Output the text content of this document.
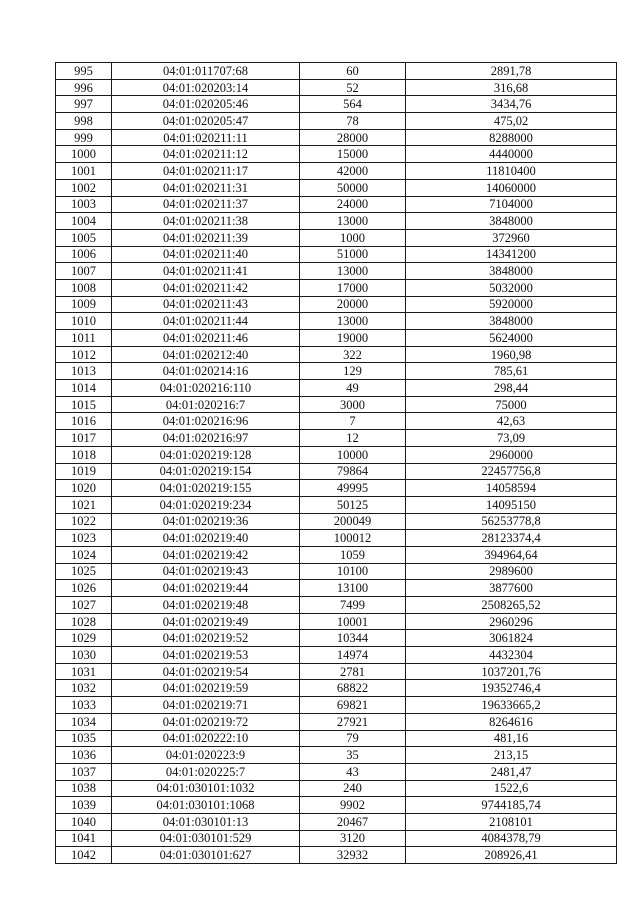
995	04:01:011707:68	60	2891,78
996	04:01:020203:14	52	316,68
997	04:01:020205:46	564	3434,76
998	04:01:020205:47	78	475,02
999	04:01:020211:11	28000	8288000
1000	04:01:020211:12	15000	4440000
1001	04:01:020211:17	42000	11810400
1002	04:01:020211:31	50000	14060000
1003	04:01:020211:37	24000	7104000
1004	04:01:020211:38	13000	3848000
1005	04:01:020211:39	1000	372960
1006	04:01:020211:40	51000	14341200
1007	04:01:020211:41	13000	3848000
1008	04:01:020211:42	17000	5032000
1009	04:01:020211:43	20000	5920000
1010	04:01:020211:44	13000	3848000
1011	04:01:020211:46	19000	5624000
1012	04:01:020212:40	322	1960,98
1013	04:01:020214:16	129	785,61
1014	04:01:020216:110	49	298,44
1015	04:01:020216:7	3000	75000
1016	04:01:020216:96	7	42,63
1017	04:01:020216:97	12	73,09
1018	04:01:020219:128	10000	2960000
1019	04:01:020219:154	79864	22457756,8
1020	04:01:020219:155	49995	14058594
1021	04:01:020219:234	50125	14095150
1022	04:01:020219:36	200049	56253778,8
1023	04:01:020219:40	100012	28123374,4
1024	04:01:020219:42	1059	394964,64
1025	04:01:020219:43	10100	2989600
1026	04:01:020219:44	13100	3877600
1027	04:01:020219:48	7499	2508265,52
1028	04:01:020219:49	10001	2960296
1029	04:01:020219:52	10344	3061824
1030	04:01:020219:53	14974	4432304
1031	04:01:020219:54	2781	1037201,76
1032	04:01:020219:59	68822	19352746,4
1033	04:01:020219:71	69821	19633665,2
1034	04:01:020219:72	27921	8264616
1035	04:01:020222:10	79	481,16
1036	04:01:020223:9	35	213,15
1037	04:01:020225:7	43	2481,47
1038	04:01:030101:1032	240	1522,6
1039	04:01:030101:1068	9902	9744185,74
1040	04:01:030101:13	20467	2108101
1041	04:01:030101:529	3120	4084378,79
1042	04:01:030101:627	32932	208926,41
